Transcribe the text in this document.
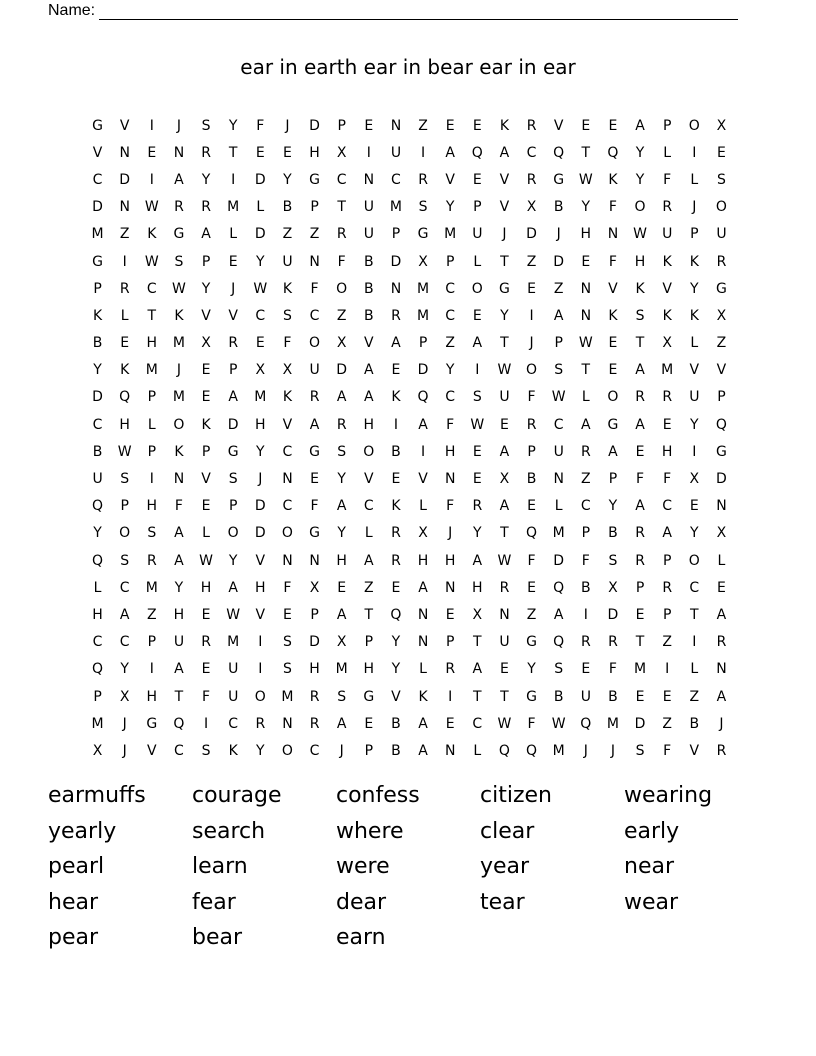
Name:
ear in earth ear in bear ear in ear
G	V	I	J	S	Y	F	J	D	P	E	N	Z	E	E	K	R	V	E	E	A	P	O	X
V	N	E	N	R	T	E	E	H	X	I	U	I	A	Q	A	C	Q	T	Q	Y	L	I	E
C	D	I	A	Y	I	D	Y	G	C	N	C	R	V	E	V	R	G	W	K	Y	F	L	S
D	N	W	R	R	M	L	B	P	T	U	M	S	Y	P	V	X	B	Y	F	O	R	J	O
M	Z	K	G	A	L	D	Z	Z	R	U	P	G	M	U	J	D	J	H	N	W	U	P	U
G	I	W	S	P	E	Y	U	N	F	B	D	X	P	L	T	Z	D	E	F	H	K	K	R
P	R	C	W	Y	J	W	K	F	O	B	N	M	C	O	G	E	Z	N	V	K	V	Y	G
K	L	T	K	V	V	C	S	C	Z	B	R	M	C	E	Y	I	A	N	K	S	K	K	X
B	E	H	M	X	R	E	F	O	X	V	A	P	Z	A	T	J	P	W	E	T	X	L	Z
Y	K	M	J	E	P	X	X	U	D	A	E	D	Y	I	W	O	S	T	E	A	M	V	V
D	Q	P	M	E	A	M	K	R	A	A	K	Q	C	S	U	F	W	L	O	R	R	U	P
C	H	L	O	K	D	H	V	A	R	H	I	A	F	W	E	R	C	A	G	A	E	Y	Q
B	W	P	K	P	G	Y	C	G	S	O	B	I	H	E	A	P	U	R	A	E	H	I	G
U	S	I	N	V	S	J	N	E	Y	V	E	V	N	E	X	B	N	Z	P	F	F	X	D
Q	P	H	F	E	P	D	C	F	A	C	K	L	F	R	A	E	L	C	Y	A	C	E	N
Y	O	S	A	L	O	D	O	G	Y	L	R	X	J	Y	T	Q	M	P	B	R	A	Y	X
Q	S	R	A	W	Y	V	N	N	H	A	R	H	H	A	W	F	D	F	S	R	P	O	L
L	C	M	Y	H	A	H	F	X	E	Z	E	A	N	H	R	E	Q	B	X	P	R	C	E
H	A	Z	H	E	W	V	E	P	A	T	Q	N	E	X	N	Z	A	I	D	E	P	T	A
C	C	P	U	R	M	I	S	D	X	P	Y	N	P	T	U	G	Q	R	R	T	Z	I	R
Q	Y	I	A	E	U	I	S	H	M	H	Y	L	R	A	E	Y	S	E	F	M	I	L	N
P	X	H	T	F	U	O	M	R	S	G	V	K	I	T	T	G	B	U	B	E	E	Z	A
M	J	G	Q	I	C	R	N	R	A	E	B	A	E	C	W	F	W	Q	M	D	Z	B	J
X	J	V	C	S	K	Y	O	C	J	P	B	A	N	L	Q	Q	M	J	J	S	F	V	R
earmuffs	courage	confess	citizen	wearing
yearly	search	where	clear	early
pearl	learn	were	year	near
hear	fear	dear	tear	wear
pear	bear	earn
